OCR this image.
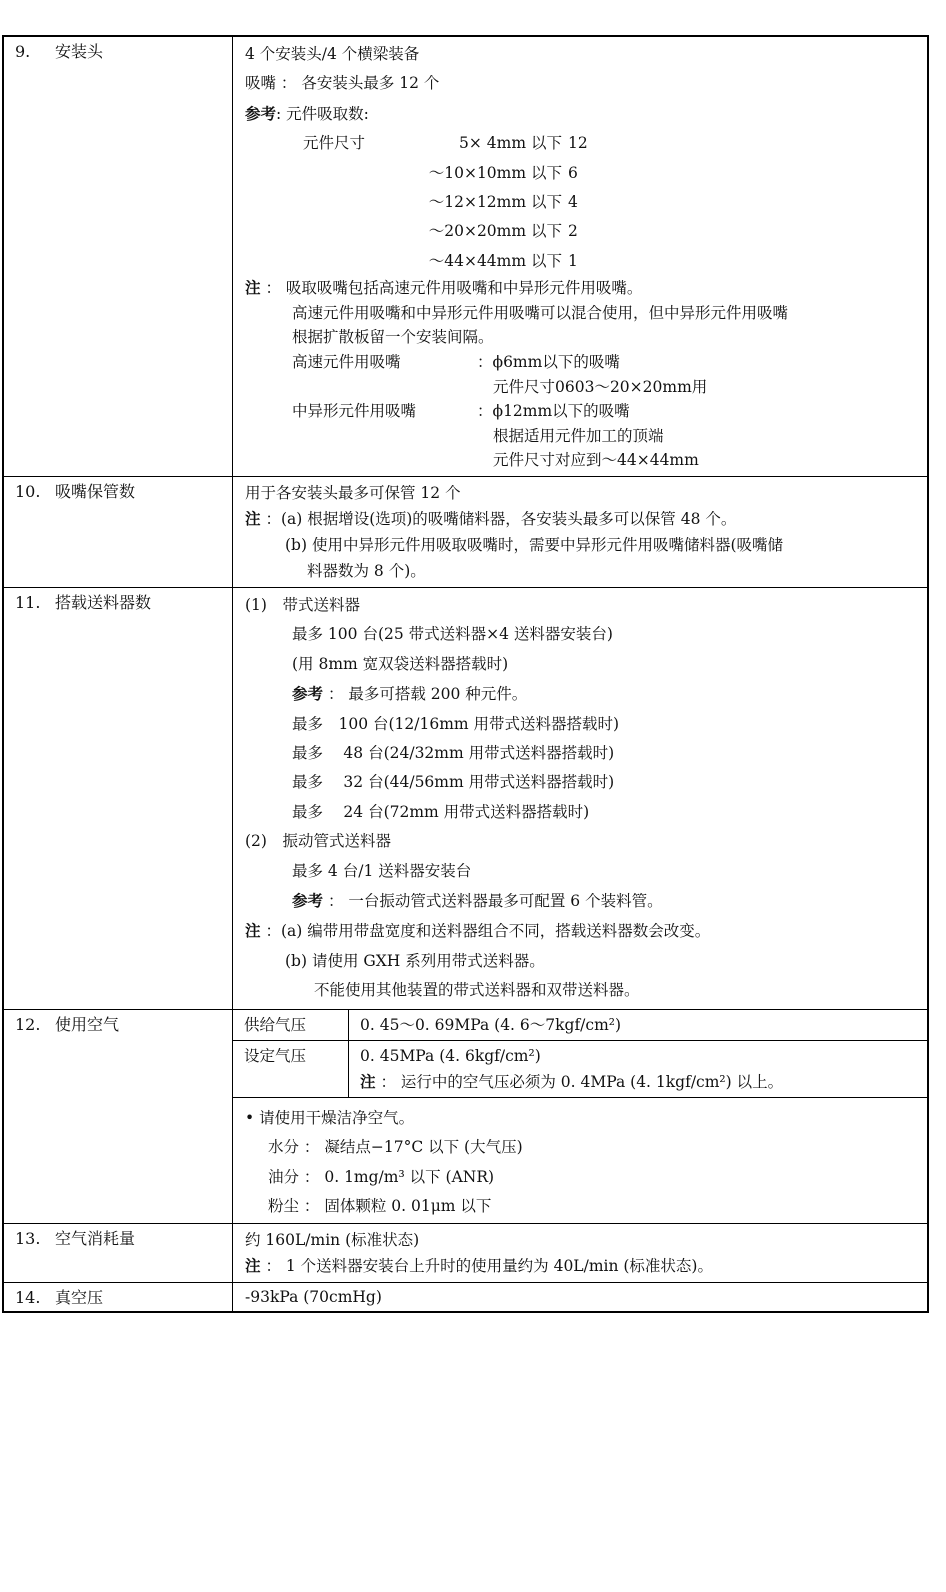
9. 安装头	4 个安装头/4 个横梁装备
吸嘴 ： 各安装头最多 12 个
参考: 元件吸取数:
元件尺寸	5× 4mm 以下 12
～10×10mm 以下 6
～12×12mm 以下 4
～20×20mm 以下 2
～44×44mm 以下 1
注 ： 吸取吸嘴包括高速元件用吸嘴和中异形元件用吸嘴。
高速元件用吸嘴和中异形元件用吸嘴可以混合使用，但中异形元件用吸嘴
根据扩散板留一个安装间隔。
高速元件用吸嘴	：ϕ6mm以下的吸嘴
元件尺寸0603～20×20mm用
中异形元件用吸嘴	：ϕ12mm以下的吸嘴
根据适用元件加工的顶端
元件尺寸对应到～44×44mm
10. 吸嘴保管数	用于各安装头最多可保管 12 个
注 ：(a) 根据增设(选项)的吸嘴储料器，各安装头最多可以保管 48 个。
(b) 使用中异形元件用吸取吸嘴时，需要中异形元件用吸嘴储料器(吸嘴储
料器数为 8 个)。
11. 搭载送料器数	(1)　带式送料器
最多 100 台(25 带式送料器×4 送料器安装台)
(用 8mm 宽双袋送料器搭载时)
参考 ： 最多可搭载 200 种元件。
最多　100 台(12/16mm 用带式送料器搭载时)
最多　 48 台(24/32mm 用带式送料器搭载时)
最多　 32 台(44/56mm 用带式送料器搭载时)
最多　 24 台(72mm 用带式送料器搭载时)
(2)　振动管式送料器
最多 4 台/1 送料器安装台
参考 ： 一台振动管式送料器最多可配置 6 个装料管。
注 ：(a) 编带用带盘宽度和送料器组合不同，搭载送料器数会改变。
(b) 请使用 GXH 系列用带式送料器。
不能使用其他装置的带式送料器和双带送料器。
12. 使用空气	供给气压	0. 45～0. 69MPa (4. 6～7kgf/cm²)
设定气压	0. 45MPa (4. 6kgf/cm²)
注 ： 运行中的空气压必须为 0. 4MPa (4. 1kgf/cm²) 以上。
• 请使用干燥洁净空气。
水分 ： 凝结点−17°C 以下 (大气压)
油分 ： 0. 1mg/m³ 以下 (ANR)
粉尘 ： 固体颗粒 0. 01μm 以下
13. 空气消耗量	约 160L/min (标准状态)
注 ： 1 个送料器安装台上升时的使用量约为 40L/min (标准状态)。
14. 真空压	-93kPa (70cmHg)
